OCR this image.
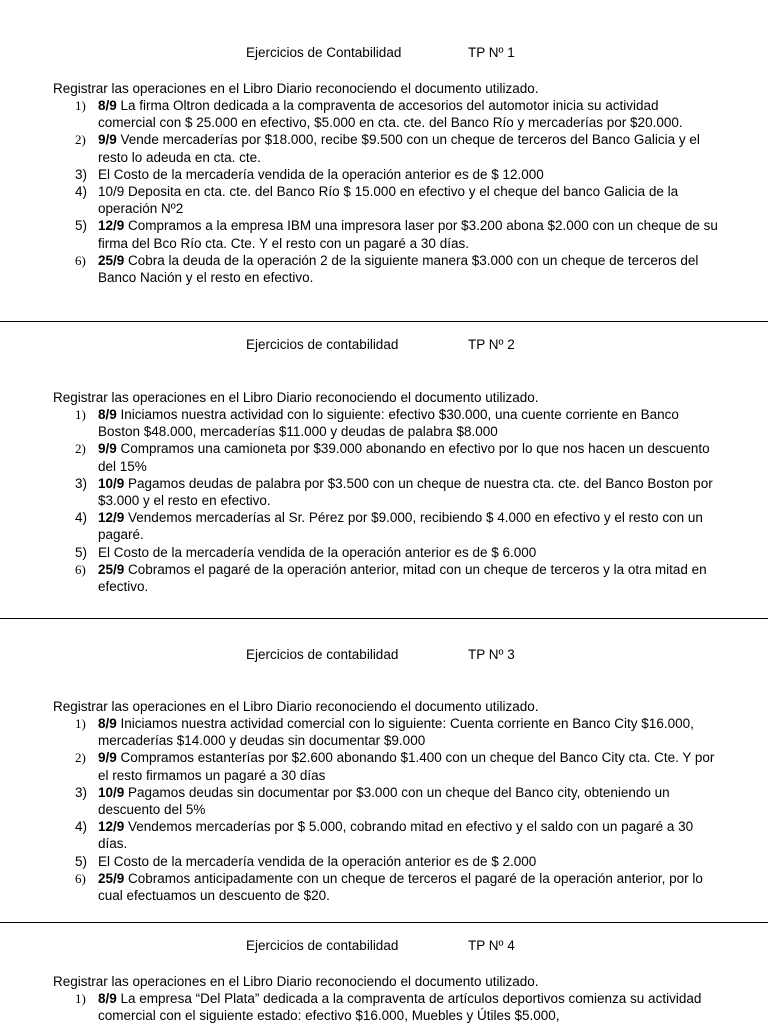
Ejercicios de Contabilidad	TP Nº 1
Registrar las operaciones en el Libro Diario reconociendo el documento utilizado.
1) 8/9 La firma Oltron dedicada a la compraventa de accesorios del automotor inicia su actividad comercial con $ 25.000 en efectivo, $5.000 en cta. cte. del Banco Río y mercaderías por $20.000.
2) 9/9 Vende mercaderías por $18.000, recibe $9.500 con un cheque de terceros del Banco Galicia y el resto lo adeuda en cta. cte.
3) El Costo de la mercadería vendida de la operación anterior es de $ 12.000
4) 10/9 Deposita en cta. cte. del Banco Río $ 15.000 en efectivo y el cheque del banco Galicia de la operación Nº2
5) 12/9 Compramos a la empresa IBM una impresora laser por $3.200 abona $2.000 con un cheque de su firma del Bco Río cta. Cte. Y el resto con un pagaré a 30 días.
6) 25/9 Cobra la deuda de la operación 2 de la siguiente manera $3.000 con un cheque de terceros del Banco Nación y el resto en efectivo.
Ejercicios de contabilidad	TP Nº 2
Registrar las operaciones en el Libro Diario reconociendo el documento utilizado.
1) 8/9 Iniciamos nuestra actividad con lo siguiente: efectivo $30.000, una cuente corriente en Banco Boston $48.000, mercaderías $11.000 y deudas de palabra $8.000
2) 9/9 Compramos una camioneta por $39.000 abonando en efectivo por lo que nos hacen un descuento del 15%
3) 10/9 Pagamos deudas de palabra por $3.500 con un cheque de nuestra cta. cte. del Banco Boston por $3.000 y el resto en efectivo.
4) 12/9 Vendemos mercaderías al Sr. Pérez por $9.000, recibiendo $ 4.000 en efectivo y el resto con un pagaré.
5) El Costo de la mercadería vendida de la operación anterior es de $ 6.000
6) 25/9 Cobramos el pagaré de la operación anterior, mitad con un cheque de terceros y la otra mitad en efectivo.
Ejercicios de contabilidad	TP Nº 3
Registrar las operaciones en el Libro Diario reconociendo el documento utilizado.
1) 8/9 Iniciamos nuestra actividad comercial con lo siguiente: Cuenta corriente en Banco City $16.000, mercaderías $14.000 y deudas sin documentar $9.000
2) 9/9 Compramos estanterías por $2.600 abonando $1.400 con un cheque del Banco City cta. Cte. Y por el resto firmamos un pagaré a 30 días
3) 10/9 Pagamos deudas sin documentar por $3.000 con un cheque del Banco city, obteniendo un descuento del 5%
4) 12/9 Vendemos mercaderías por $ 5.000, cobrando mitad en efectivo y el saldo con un pagaré a 30 días.
5) El Costo de la mercadería vendida de la operación anterior es de $ 2.000
6) 25/9 Cobramos anticipadamente con un cheque de terceros el pagaré de la operación anterior, por lo cual efectuamos un descuento de $20.
Ejercicios de contabilidad	TP Nº 4
Registrar las operaciones en el Libro Diario reconociendo el documento utilizado.
1) 8/9 La empresa “Del Plata” dedicada a la compraventa de artículos deportivos comienza su actividad comercial con el siguiente estado: efectivo $16.000, Muebles y Útiles $5.000,
